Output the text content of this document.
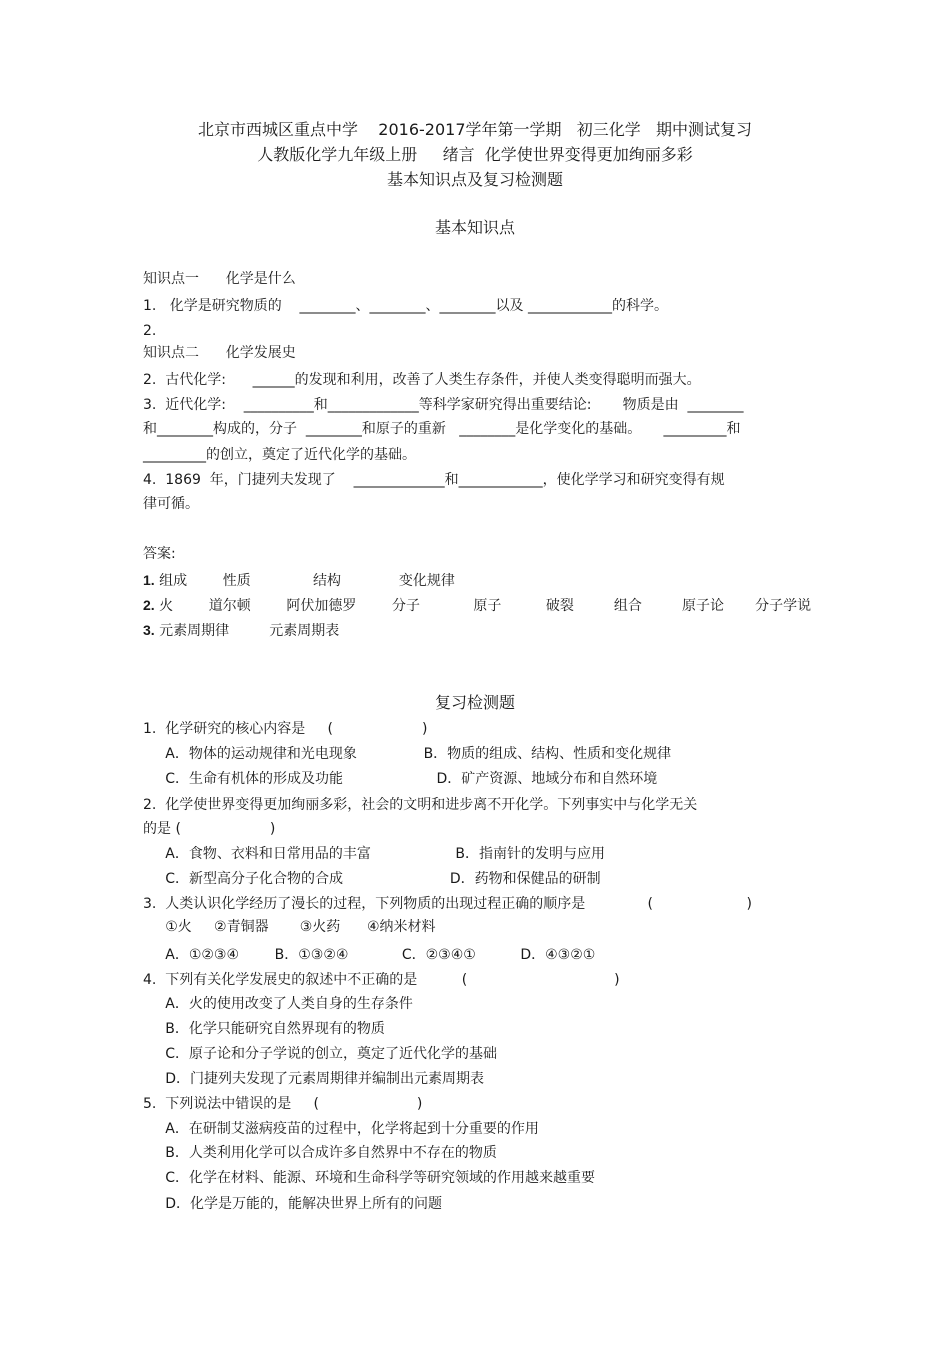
北京市西城区重点中学    2016-2017学年第一学期   初三化学   期中测试复习
人教版化学九年级上册     绪言  化学使世界变得更加绚丽多彩
基本知识点及复习检测题
基本知识点
知识点一      化学是什么
1.   化学是研究物质的    ________、________、________以及 ____________的科学。
2.
知识点二      化学发展史
2.  古代化学:      ______的发现和利用，改善了人类生存条件，并使人类变得聪明而强大。
3.  近代化学:    __________和_____________等科学家研究得出重要结论:       物质是由  ________
和________构成的，分子  ________和原子的重新   ________是化学变化的基础。     _________和
_________的创立，奠定了近代化学的基础。
4.  1869  年，门捷列夫发现了    _____________和____________，使化学学习和研究变得有规
律可循。
答案:
1. 组成        性质              结构             变化规律
2. 火        道尔顿        阿伏加德罗        分子            原子          破裂         组合         原子论       分子学说
3. 元素周期律         元素周期表
复习检测题
1.  化学研究的核心内容是     (                    )
A．物体的运动规律和光电现象               B．物质的组成、结构、性质和变化规律
C．生命有机体的形成及功能                     D．矿产资源、地域分布和自然环境
2.  化学使世界变得更加绚丽多彩，社会的文明和进步离不开化学。下列事实中与化学无关
的是 (                    )
A．食物、衣料和日常用品的丰富                   B．指南针的发明与应用
C．新型高分子化合物的合成                        D．药物和保健品的研制
3.  人类认识化学经历了漫长的过程，下列物质的出现过程正确的顺序是              (                     )
①火     ②青铜器       ③火药      ④纳米材料
A．①②③④        B．①③②④            C．②③④①          D．④③②①
4.  下列有关化学发展史的叙述中不正确的是          (                                 )
A．火的使用改变了人类自身的生存条件
B．化学只能研究自然界现有的物质
C．原子论和分子学说的创立，奠定了近代化学的基础
D．门捷列夫发现了元素周期律并编制出元素周期表
5.  下列说法中错误的是     (                      )
A．在研制艾滋病疫苗的过程中，化学将起到十分重要的作用
B．人类利用化学可以合成许多自然界中不存在的物质
C．化学在材料、能源、环境和生命科学等研究领域的作用越来越重要
D．化学是万能的，能解决世界上所有的问题
